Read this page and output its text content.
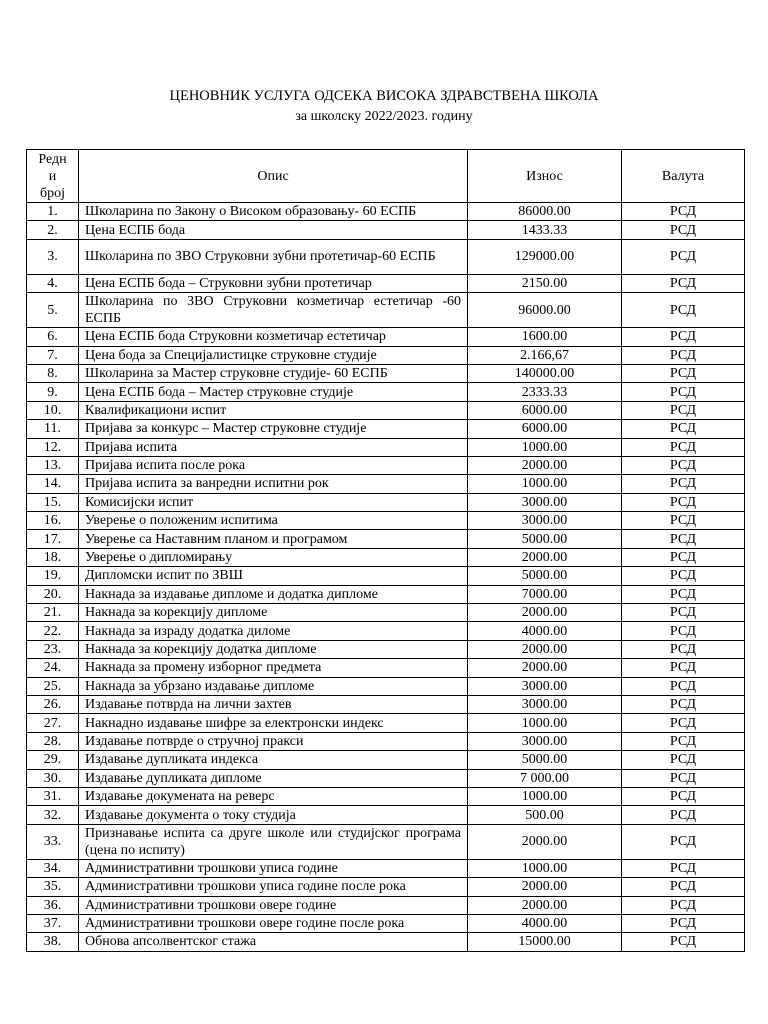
ЦЕНОВНИК УСЛУГА ОДСЕКА ВИСОКА ЗДРАВСТВЕНА ШКОЛА
за школску 2022/2023. годину
Редн
и
број	Опис	Износ	Валута
1.	Школарина по Закону о Високом образовању- 60 ЕСПБ	86000.00	РСД
2.	Цена ЕСПБ бода	1433.33	РСД
3.	Школарина по ЗВО Струковни зубни протетичар-60 ЕСПБ	129000.00	РСД
4.	Цена ЕСПБ бода – Струковни зубни протетичар	2150.00	РСД
5.	Школарина по ЗВО Струковни козметичар естетичар -60 ЕСПБ	96000.00	РСД
6.	Цена ЕСПБ бода Струковни козметичар естетичар	1600.00	РСД
7.	Цена бода за Специјалистицке струковне студије	2.166,67	РСД
8.	Школарина за Мастер струковне студије- 60 ЕСПБ	140000.00	РСД
9.	Цена ЕСПБ бода – Мастер струковне студије	2333.33	РСД
10.	Квалификациони испит	6000.00	РСД
11.	Пријава за конкурс – Мастер струковне студије	6000.00	РСД
12.	Пријава испита	1000.00	РСД
13.	Пријава испита после рока	2000.00	РСД
14.	Пријава испита за ванредни испитни рок	1000.00	РСД
15.	Комисијски испит	3000.00	РСД
16.	Уверење о положеним испитима	3000.00	РСД
17.	Уверење са Наставним планом и програмом	5000.00	РСД
18.	Уверење о дипломирању	2000.00	РСД
19.	Дипломски испит по ЗВШ	5000.00	РСД
20.	Накнада за издавање дипломе и додатка дипломе	7000.00	РСД
21.	Накнада за корекцију дипломе	2000.00	РСД
22.	Накнада за израду додатка диломе	4000.00	РСД
23.	Накнада за корекцију додатка дипломе	2000.00	РСД
24.	Накнада за промену изборног предмета	2000.00	РСД
25.	Накнада за убрзано издавање дипломе	3000.00	РСД
26.	Издавање потврда на лични захтев	3000.00	РСД
27.	Накнадно издавање шифре за електронски индекс	1000.00	РСД
28.	Издавање потврде о стручној пракси	3000.00	РСД
29.	Издавање дупликата индекса	5000.00	РСД
30.	Издавање дупликата дипломе	7 000.00	РСД
31.	Издавање докумената на реверс	1000.00	РСД
32.	Издавање документа о току студија	500.00	РСД
33.	Признавање испита са друге школе или студијског програма (цена по испиту)	2000.00	РСД
34.	Административни трошкови уписа године	1000.00	РСД
35.	Административни трошкови уписа године после рока	2000.00	РСД
36.	Административни трошкови овере године	2000.00	РСД
37.	Административни трошкови овере године после рока	4000.00	РСД
38.	Обнова апсолвентског стажа	15000.00	РСД
